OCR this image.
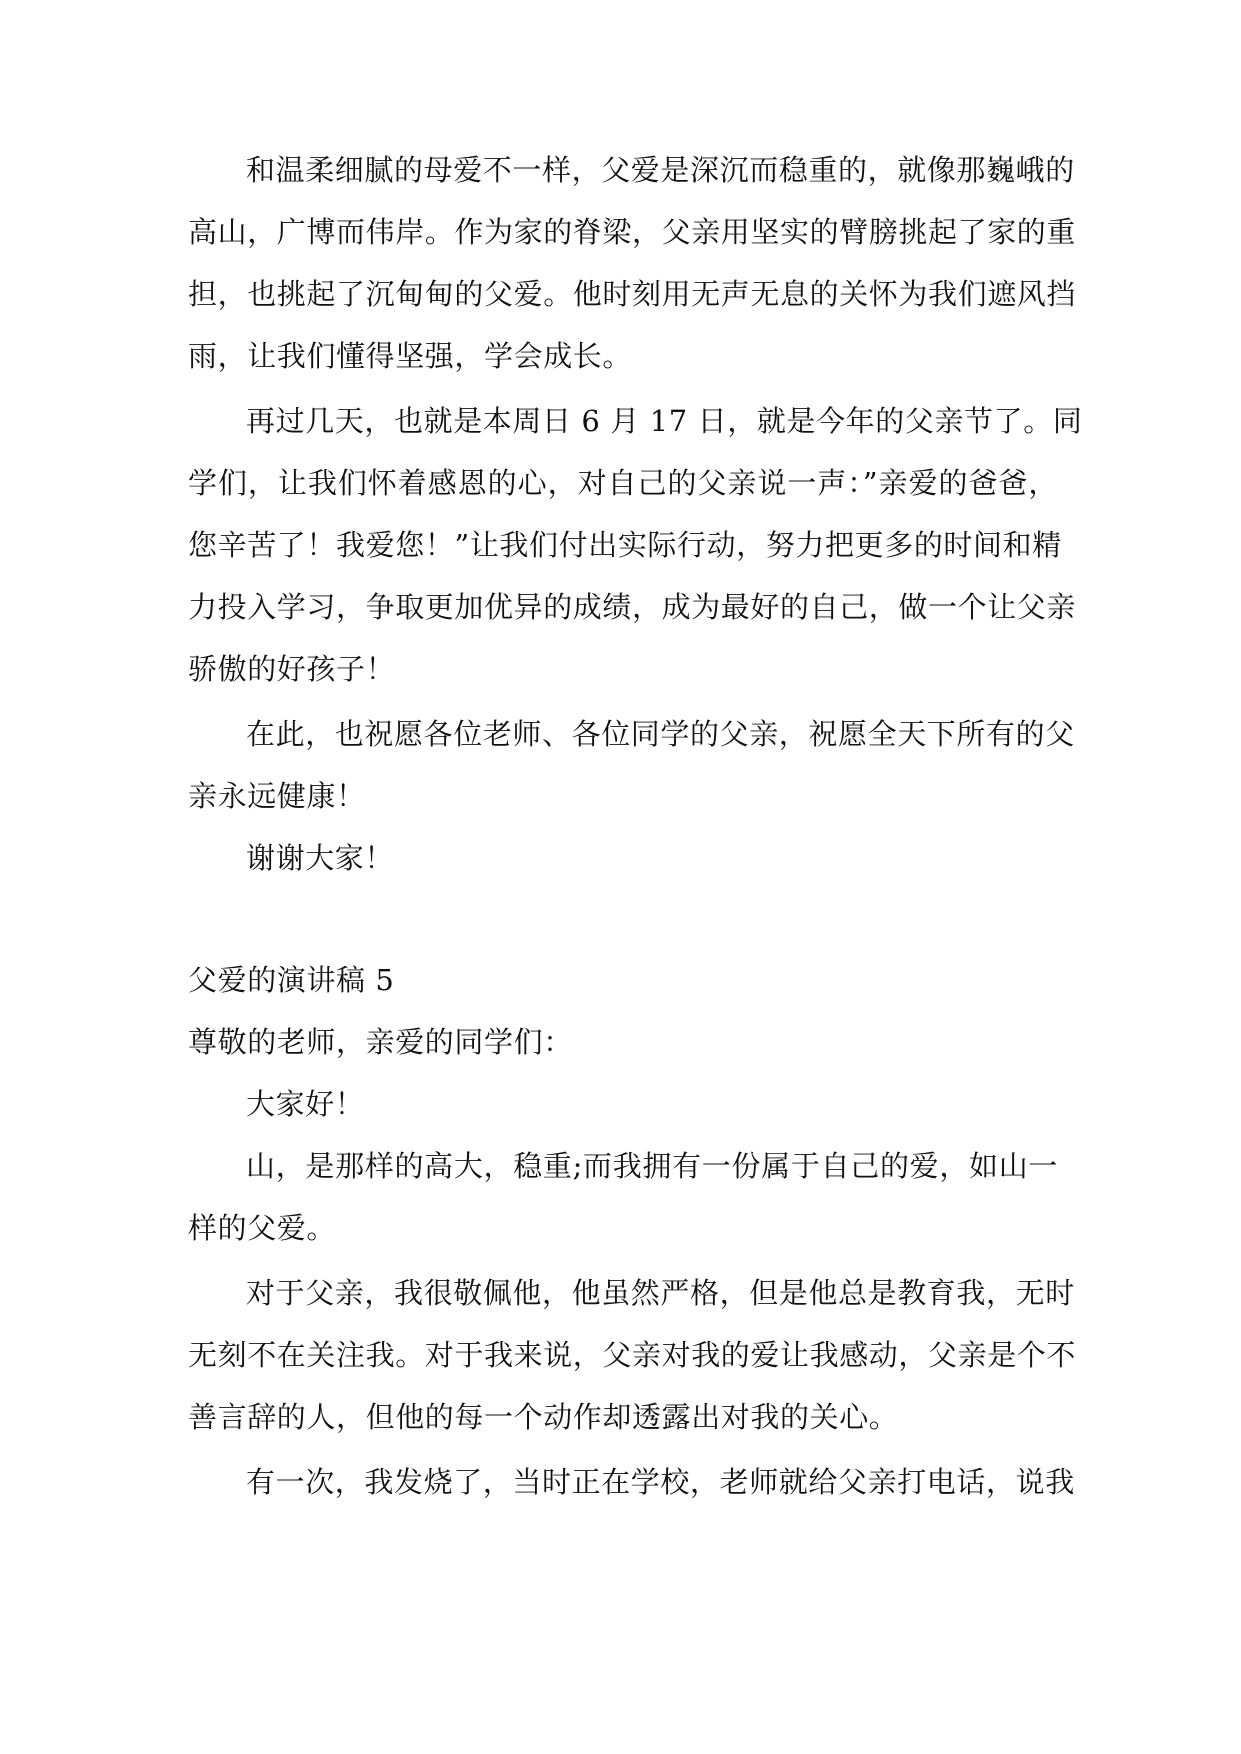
和温柔细腻的母爱不一样，父爱是深沉而稳重的，就像那巍峨的
高山，广博而伟岸。作为家的脊梁，父亲用坚实的臂膀挑起了家的重
担，也挑起了沉甸甸的父爱。他时刻用无声无息的关怀为我们遮风挡
雨，让我们懂得坚强，学会成长。
再过几天，也就是本周日 6 月 17 日，就是今年的父亲节了。同
学们，让我们怀着感恩的心，对自己的父亲说一声：”亲爱的爸爸，
您辛苦了！我爱您！”让我们付出实际行动，努力把更多的时间和精
力投入学习，争取更加优异的成绩，成为最好的自己，做一个让父亲
骄傲的好孩子！
在此，也祝愿各位老师、各位同学的父亲，祝愿全天下所有的父
亲永远健康！
谢谢大家！
父爱的演讲稿 5
尊敬的老师，亲爱的同学们：
大家好！
山，是那样的高大，稳重;而我拥有一份属于自己的爱，如山一
样的父爱。
对于父亲，我很敬佩他，他虽然严格，但是他总是教育我，无时
无刻不在关注我。对于我来说，父亲对我的爱让我感动，父亲是个不
善言辞的人，但他的每一个动作却透露出对我的关心。
有一次，我发烧了，当时正在学校，老师就给父亲打电话，说我
